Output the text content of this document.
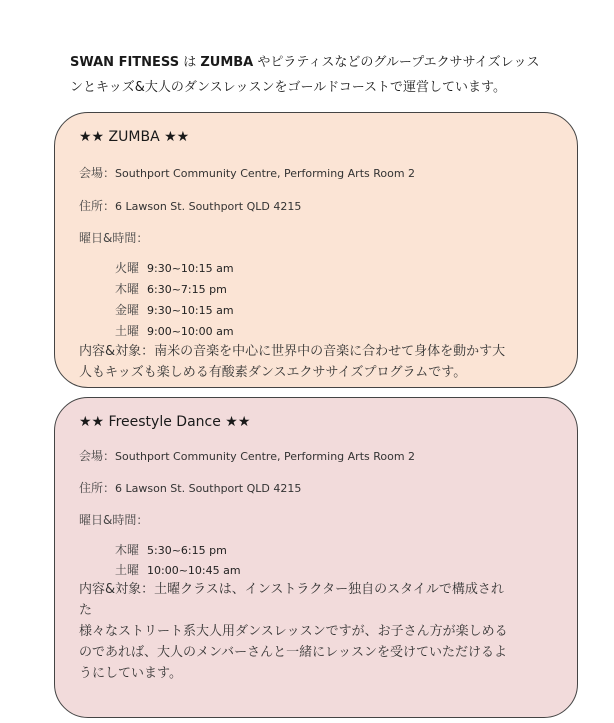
SWAN FITNESS は ZUMBA やピラティスなどのグループエクササイズレッス
ンとキッズ&大人のダンスレッスンをゴールドコーストで運営しています。
★★ ZUMBA ★★
会場：Southport Community Centre, Performing Arts Room 2
住所：6 Lawson St. Southport QLD 4215
曜日&時間：
火曜 9:30~10:15 am
木曜 6:30~7:15 pm
金曜 9:30~10:15 am
土曜 9:00~10:00 am
内容&対象：南米の音楽を中心に世界中の音楽に合わせて身体を動かす大
人もキッズも楽しめる有酸素ダンスエクササイズプログラムです。
★★ Freestyle Dance ★★
会場：Southport Community Centre, Performing Arts Room 2
住所：6 Lawson St. Southport QLD 4215
曜日&時間：
木曜 5:30~6:15 pm
土曜 10:00~10:45 am
内容&対象：土曜クラスは、インストラクター独自のスタイルで構成され
た
様々なストリート系大人用ダンスレッスンですが、お子さん方が楽しめる
のであれば、大人のメンバーさんと一緒にレッスンを受けていただけるよ
うにしています。
